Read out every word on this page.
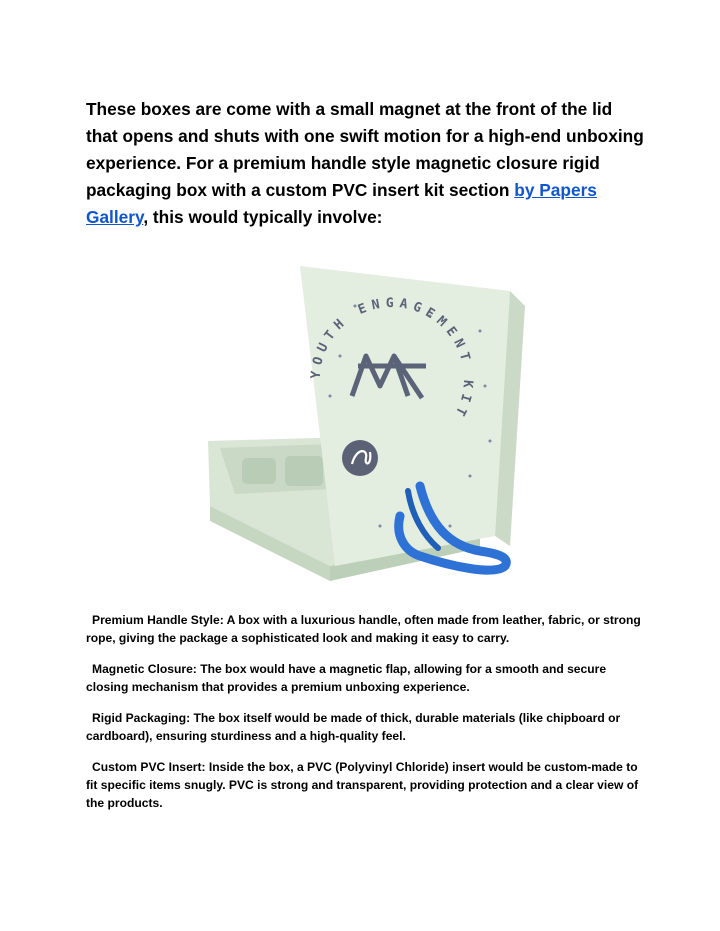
These boxes are come with a small magnet at the front of the lid that opens and shuts with one swift motion for a high-end unboxing experience. For a premium handle style magnetic closure rigid packaging box with a custom PVC insert kit section by Papers Gallery, this would typically involve:

YOUTH ENGAGEMENT KIT

Premium Handle Style: A box with a luxurious handle, often made from leather, fabric, or strong rope, giving the package a sophisticated look and making it easy to carry.

Magnetic Closure: The box would have a magnetic flap, allowing for a smooth and secure closing mechanism that provides a premium unboxing experience.

Rigid Packaging: The box itself would be made of thick, durable materials (like chipboard or cardboard), ensuring sturdiness and a high-quality feel.

Custom PVC Insert: Inside the box, a PVC (Polyvinyl Chloride) insert would be custom-made to fit specific items snugly. PVC is strong and transparent, providing protection and a clear view of the products.
